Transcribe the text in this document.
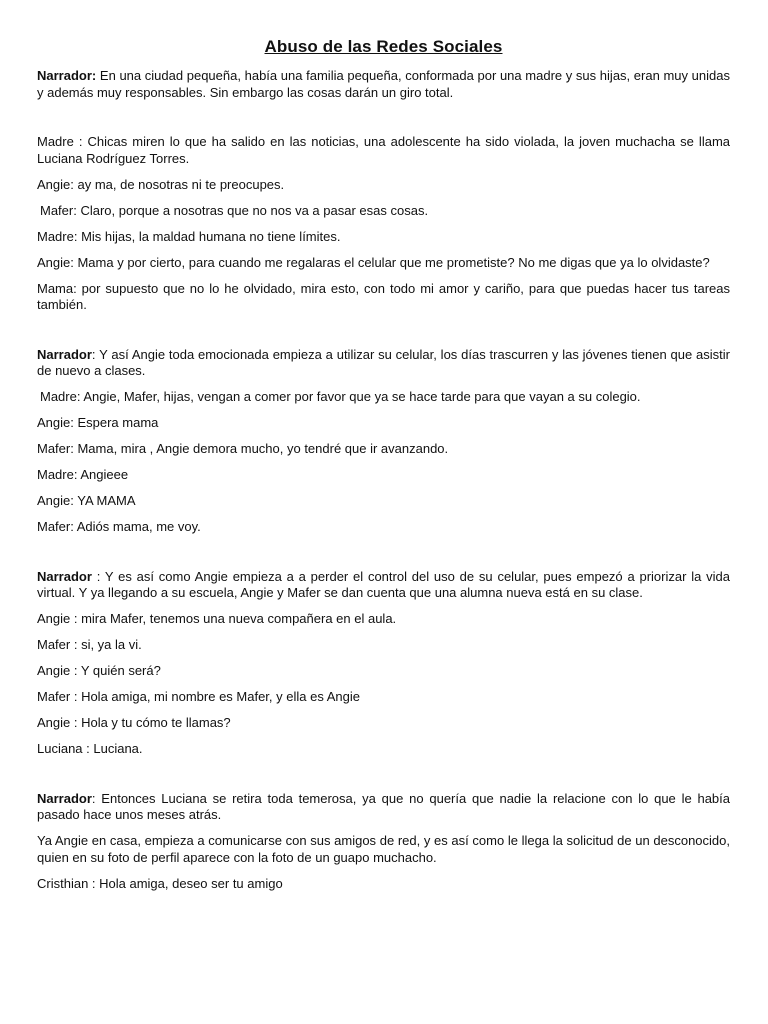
Abuso de las Redes Sociales

Narrador: En una ciudad pequeña, había una familia pequeña, conformada por una madre y sus hijas, eran muy unidas y además muy responsables. Sin embargo las cosas darán un giro total.

Madre : Chicas miren lo que ha salido en las noticias, una adolescente ha sido violada, la joven muchacha se llama Luciana Rodríguez Torres.

Angie: ay ma, de nosotras ni te preocupes.

Mafer: Claro, porque a nosotras que no nos va a pasar esas cosas.

Madre: Mis hijas, la maldad humana no tiene límites.

Angie: Mama y por cierto, para cuando me regalaras el celular que me prometiste? No me digas que ya lo olvidaste?

Mama: por supuesto que no lo he olvidado, mira esto, con todo mi amor y cariño, para que puedas hacer tus tareas también.

Narrador: Y así Angie toda emocionada empieza a utilizar su celular, los días trascurren y las jóvenes tienen que asistir de nuevo a clases.

Madre: Angie, Mafer, hijas, vengan a comer por favor que ya se hace tarde para que vayan a su colegio.

Angie: Espera mama

Mafer: Mama, mira , Angie demora mucho, yo tendré que ir avanzando.

Madre: Angieee

Angie: YA MAMA

Mafer: Adiós mama, me voy.

Narrador : Y es así como Angie empieza a a perder el control del uso de su celular, pues empezó a priorizar la vida virtual. Y ya llegando a su escuela, Angie y Mafer se dan cuenta que una alumna nueva está en su clase.

Angie : mira Mafer, tenemos una nueva compañera en el aula.

Mafer : si, ya la vi.

Angie : Y quién será?

Mafer : Hola amiga, mi nombre es Mafer, y ella es Angie

Angie : Hola y tu cómo te llamas?

Luciana : Luciana.

Narrador: Entonces Luciana se retira toda temerosa, ya que no quería que nadie la relacione con lo que le había pasado hace unos meses atrás.

Ya Angie en casa, empieza a comunicarse con sus amigos de red, y es así como le llega la solicitud de un desconocido, quien en su foto de perfil aparece con la foto de un guapo muchacho.

Cristhian : Hola amiga, deseo ser tu amigo
